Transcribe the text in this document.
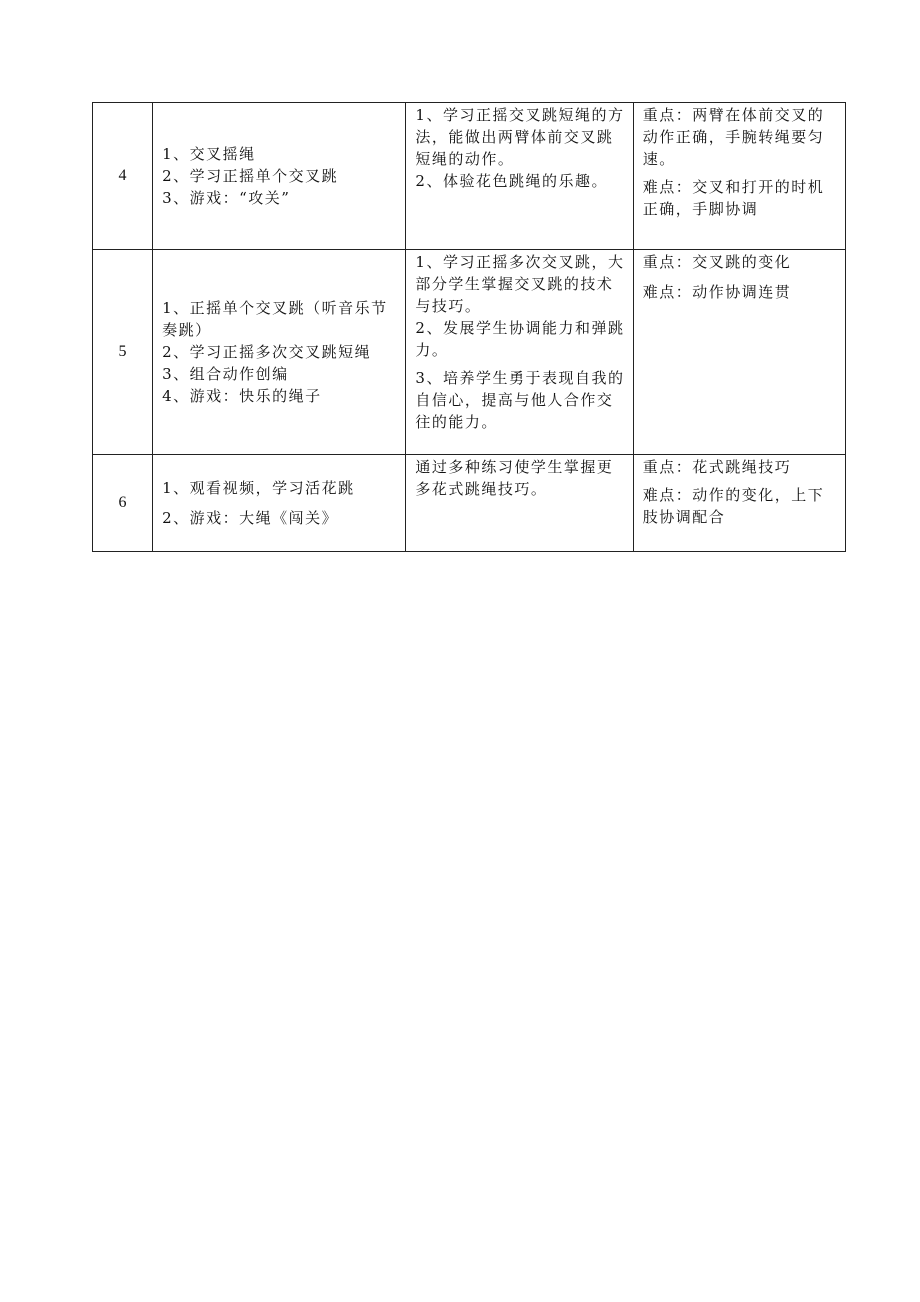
4	1、交叉摇绳
2、学习正摇单个交叉跳
3、游戏：“攻关”	1、学习正摇交叉跳短绳的方法，能做出两臂体前交叉跳短绳的动作。
2、体验花色跳绳的乐趣。	重点：两臂在体前交叉的动作正确，手腕转绳要匀速。
难点：交叉和打开的时机正确，手脚协调

5	1、正摇单个交叉跳（听音乐节奏跳）
2、学习正摇多次交叉跳短绳
3、组合动作创编
4、游戏：快乐的绳子	1、学习正摇多次交叉跳，大部分学生掌握交叉跳的技术与技巧。
2、发展学生协调能力和弹跳力。
3、培养学生勇于表现自我的自信心，提高与他人合作交往的能力。	重点：交叉跳的变化
难点：动作协调连贯

6	1、观看视频，学习活花跳
2、游戏：大绳《闯关》	通过多种练习使学生掌握更多花式跳绳技巧。	重点：花式跳绳技巧
难点：动作的变化，上下肢协调配合
